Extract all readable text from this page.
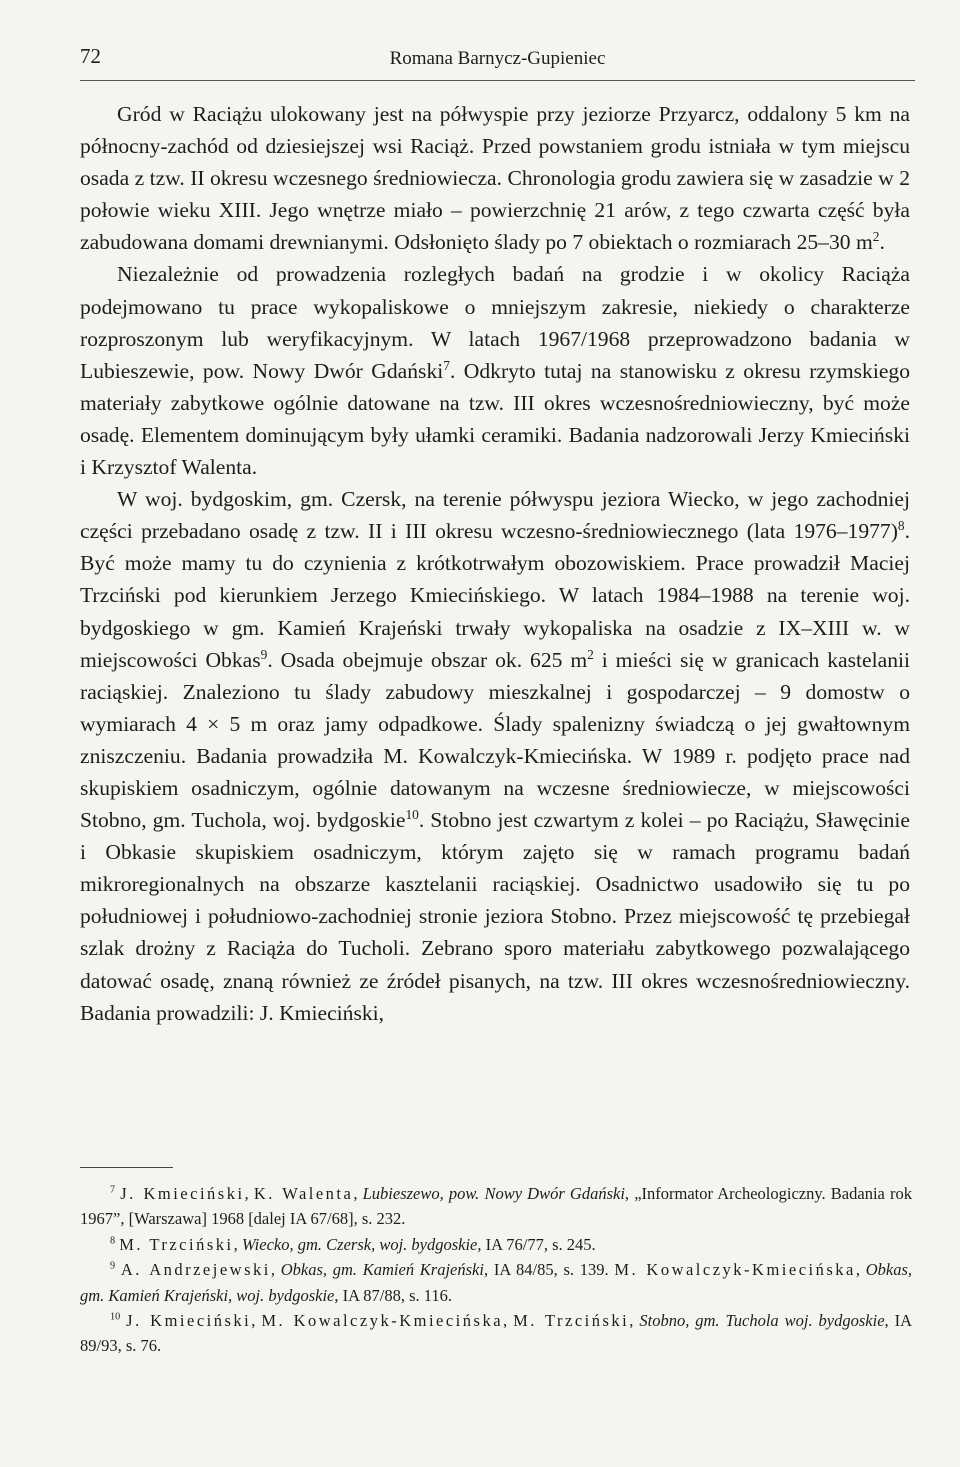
72	Romana Barnycz-Gupieniec

Gród w Raciążu ulokowany jest na półwyspie przy jeziorze Przyarcz, oddalony 5 km na północny-zachód od dziesiejszej wsi Raciąż. Przed powstaniem grodu istniała w tym miejscu osada z tzw. II okresu wczesnego średniowiecza. Chronologia grodu zawiera się w zasadzie w 2 połowie wieku XIII. Jego wnętrze miało – powierzchnię 21 arów, z tego czwarta część była zabudowana domami drewnianymi. Odsłonięto ślady po 7 obiektach o rozmiarach 25–30 $m^2$.

Niezależnie od prowadzenia rozległych badań na grodzie i w okolicy Raciąża podejmowano tu prace wykopaliskowe o mniejszym zakresie, niekiedy o charakterze rozproszonym lub weryfikacyjnym. W latach 1967/1968 przeprowadzono badania w Lubieszewie, pow. Nowy Dwór Gdański$^7$. Odkryto tutaj na stanowisku z okresu rzymskiego materiały zabytkowe ogólnie datowane na tzw. III okres wczesnośredniowieczny, być może osadę. Elementem dominującym były ułamki ceramiki. Badania nadzorowali Jerzy Kmieciński i Krzysztof Walenta.

W woj. bydgoskim, gm. Czersk, na terenie półwyspu jeziora Wiecko, w jego zachodniej części przebadano osadę z tzw. II i III okresu wczesno-średniowiecznego (lata 1976–1977)$^8$. Być może mamy tu do czynienia z krótkotrwałym obozowiskiem. Prace prowadził Maciej Trzciński pod kierunkiem Jerzego Kmiecińskiego. W latach 1984–1988 na terenie woj. bydgoskiego w gm. Kamień Krajeński trwały wykopaliska na osadzie z IX–XIII w. w miejscowości Obkas$^9$. Osada obejmuje obszar ok. 625 $m^2$ i mieści się w granicach kastelanii raciąskiej. Znaleziono tu ślady zabudowy mieszkalnej i gospodarczej – 9 domostw o wymiarach 4 × 5 m oraz jamy odpadkowe. Ślady spalenizny świadczą o jej gwałtownym zniszczeniu. Badania prowadziła M. Kowalczyk-Kmiecińska. W 1989 r. podjęto prace nad skupiskiem osadniczym, ogólnie datowanym na wczesne średniowiecze, w miejscowości Stobno, gm. Tuchola, woj. bydgoskie$^{10}$. Stobno jest czwartym z kolei – po Raciążu, Sławęcinie i Obkasie skupiskiem osadniczym, którym zajęto się w ramach programu badań mikroregionalnych na obszarze kasztelanii raciąskiej. Osadnictwo usadowiło się tu po południowej i południowo-zachodniej stronie jeziora Stobno. Przez miejscowość tę przebiegał szlak drożny z Raciąża do Tucholi. Zebrano sporo materiału zabytkowego pozwalającego datować osadę, znaną również ze źródeł pisanych, na tzw. III okres wczesnośredniowieczny. Badania prowadzili: J. Kmieciński,

$^7$ J. Kmieciński, K. Walenta, Lubieszewo, pow. Nowy Dwór Gdański, „Informator Archeologiczny. Badania rok 1967”, [Warszawa] 1968 [dalej IA 67/68], s. 232.

$^8$ M. Trzciński, Wiecko, gm. Czersk, woj. bydgoskie, IA 76/77, s. 245.

$^9$ A. Andrzejewski, Obkas, gm. Kamień Krajeński, IA 84/85, s. 139. M. Kowalczyk-Kmiecińska, Obkas, gm. Kamień Krajeński, woj. bydgoskie, IA 87/88, s. 116.

$^{10}$ J. Kmieciński, M. Kowalczyk-Kmiecińska, M. Trzciński, Stobno, gm. Tuchola woj. bydgoskie, IA 89/93, s. 76.
